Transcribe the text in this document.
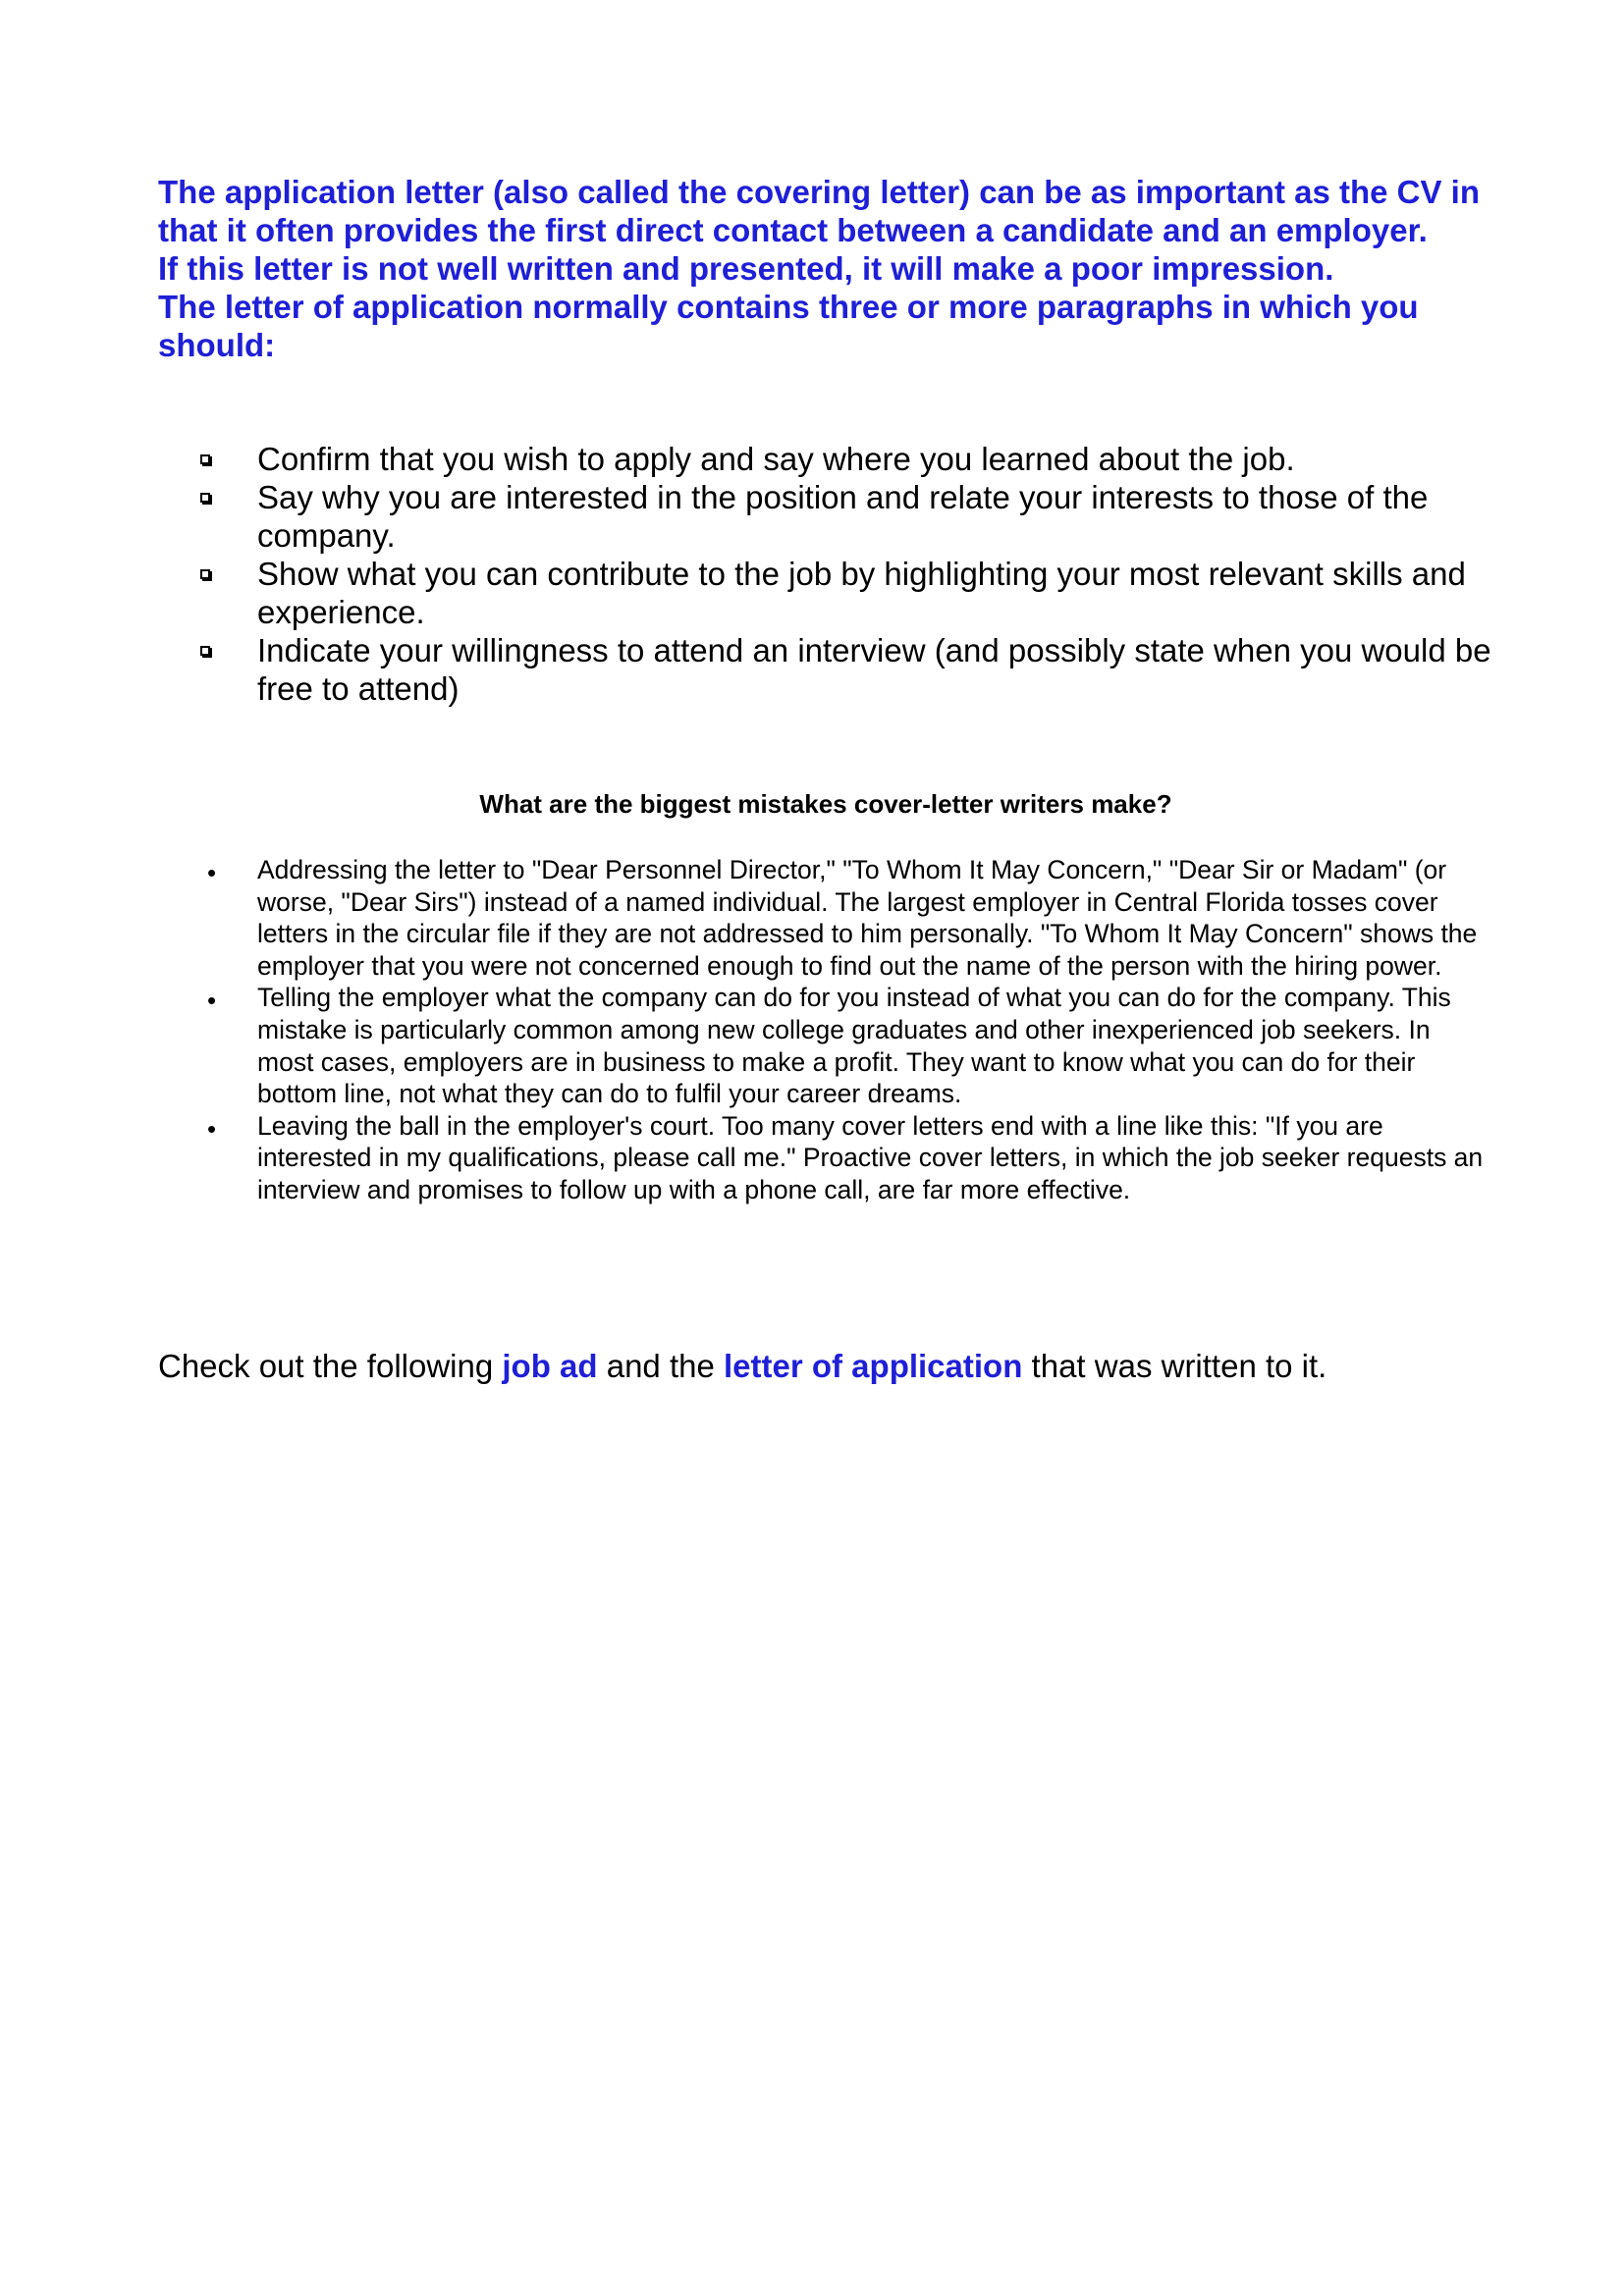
The application letter (also called the covering letter) can be as important as the CV in that it often provides the first direct contact between a candidate and an employer.

If this letter is not well written and presented, it will make a poor impression.

The letter of application normally contains three or more paragraphs in which you should:

Confirm that you wish to apply and say where you learned about the job.
Say why you are interested in the position and relate your interests to those of the company.
Show what you can contribute to the job by highlighting your most relevant skills and experience.
Indicate your willingness to attend an interview (and possibly state when you would be free to attend)
What are the biggest mistakes cover-letter writers make?
• Addressing the letter to "Dear Personnel Director," "To Whom It May Concern," "Dear Sir or Madam" (or worse, "Dear Sirs") instead of a named individual. The largest employer in Central Florida tosses cover letters in the circular file if they are not addressed to him personally. "To Whom It May Concern" shows the employer that you were not concerned enough to find out the name of the person with the hiring power.
• Telling the employer what the company can do for you instead of what you can do for the company. This mistake is particularly common among new college graduates and other inexperienced job seekers. In most cases, employers are in business to make a profit. They want to know what you can do for their bottom line, not what they can do to fulfil your career dreams.
• Leaving the ball in the employer's court. Too many cover letters end with a line like this: "If you are interested in my qualifications, please call me." Proactive cover letters, in which the job seeker requests an interview and promises to follow up with a phone call, are far more effective.
Check out the following job ad and the letter of application that was written to it.
